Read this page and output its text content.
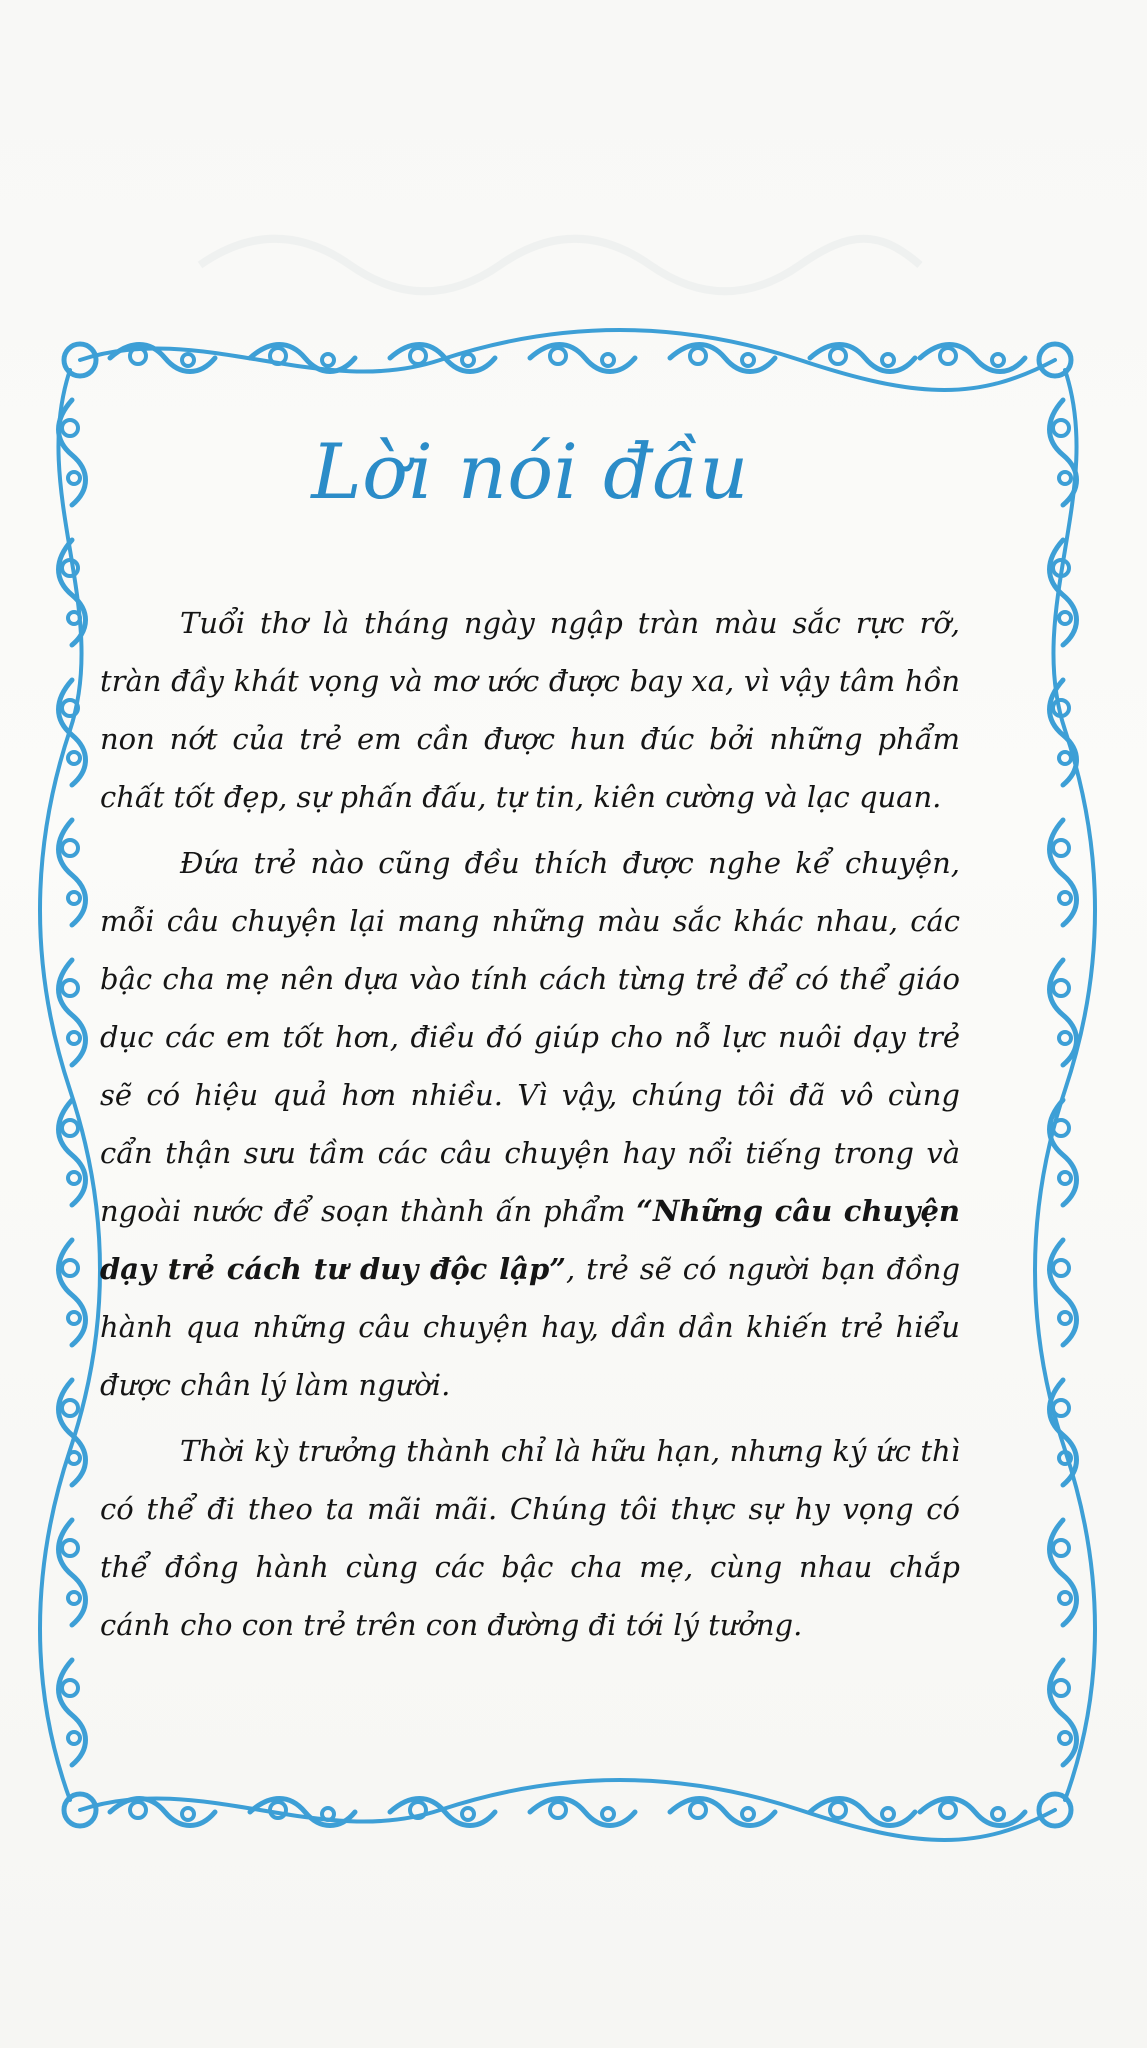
Lời nói đầu

Tuổi thơ là tháng ngày ngập tràn màu sắc rực rỡ, tràn đầy khát vọng và mơ ước được bay xa, vì vậy tâm hồn non nớt của trẻ em cần được hun đúc bởi những phẩm chất tốt đẹp, sự phấn đấu, tự tin, kiên cường và lạc quan.

Đứa trẻ nào cũng đều thích được nghe kể chuyện, mỗi câu chuyện lại mang những màu sắc khác nhau, các bậc cha mẹ nên dựa vào tính cách từng trẻ để có thể giáo dục các em tốt hơn, điều đó giúp cho nỗ lực nuôi dạy trẻ sẽ có hiệu quả hơn nhiều. Vì vậy, chúng tôi đã vô cùng cẩn thận sưu tầm các câu chuyện hay nổi tiếng trong và ngoài nước để soạn thành ấn phẩm “Những câu chuyện dạy trẻ cách tư duy độc lập”, trẻ sẽ có người bạn đồng hành qua những câu chuyện hay, dần dần khiến trẻ hiểu được chân lý làm người.

Thời kỳ trưởng thành chỉ là hữu hạn, nhưng ký ức thì có thể đi theo ta mãi mãi. Chúng tôi thực sự hy vọng có thể đồng hành cùng các bậc cha mẹ, cùng nhau chắp cánh cho con trẻ trên con đường đi tới lý tưởng.
